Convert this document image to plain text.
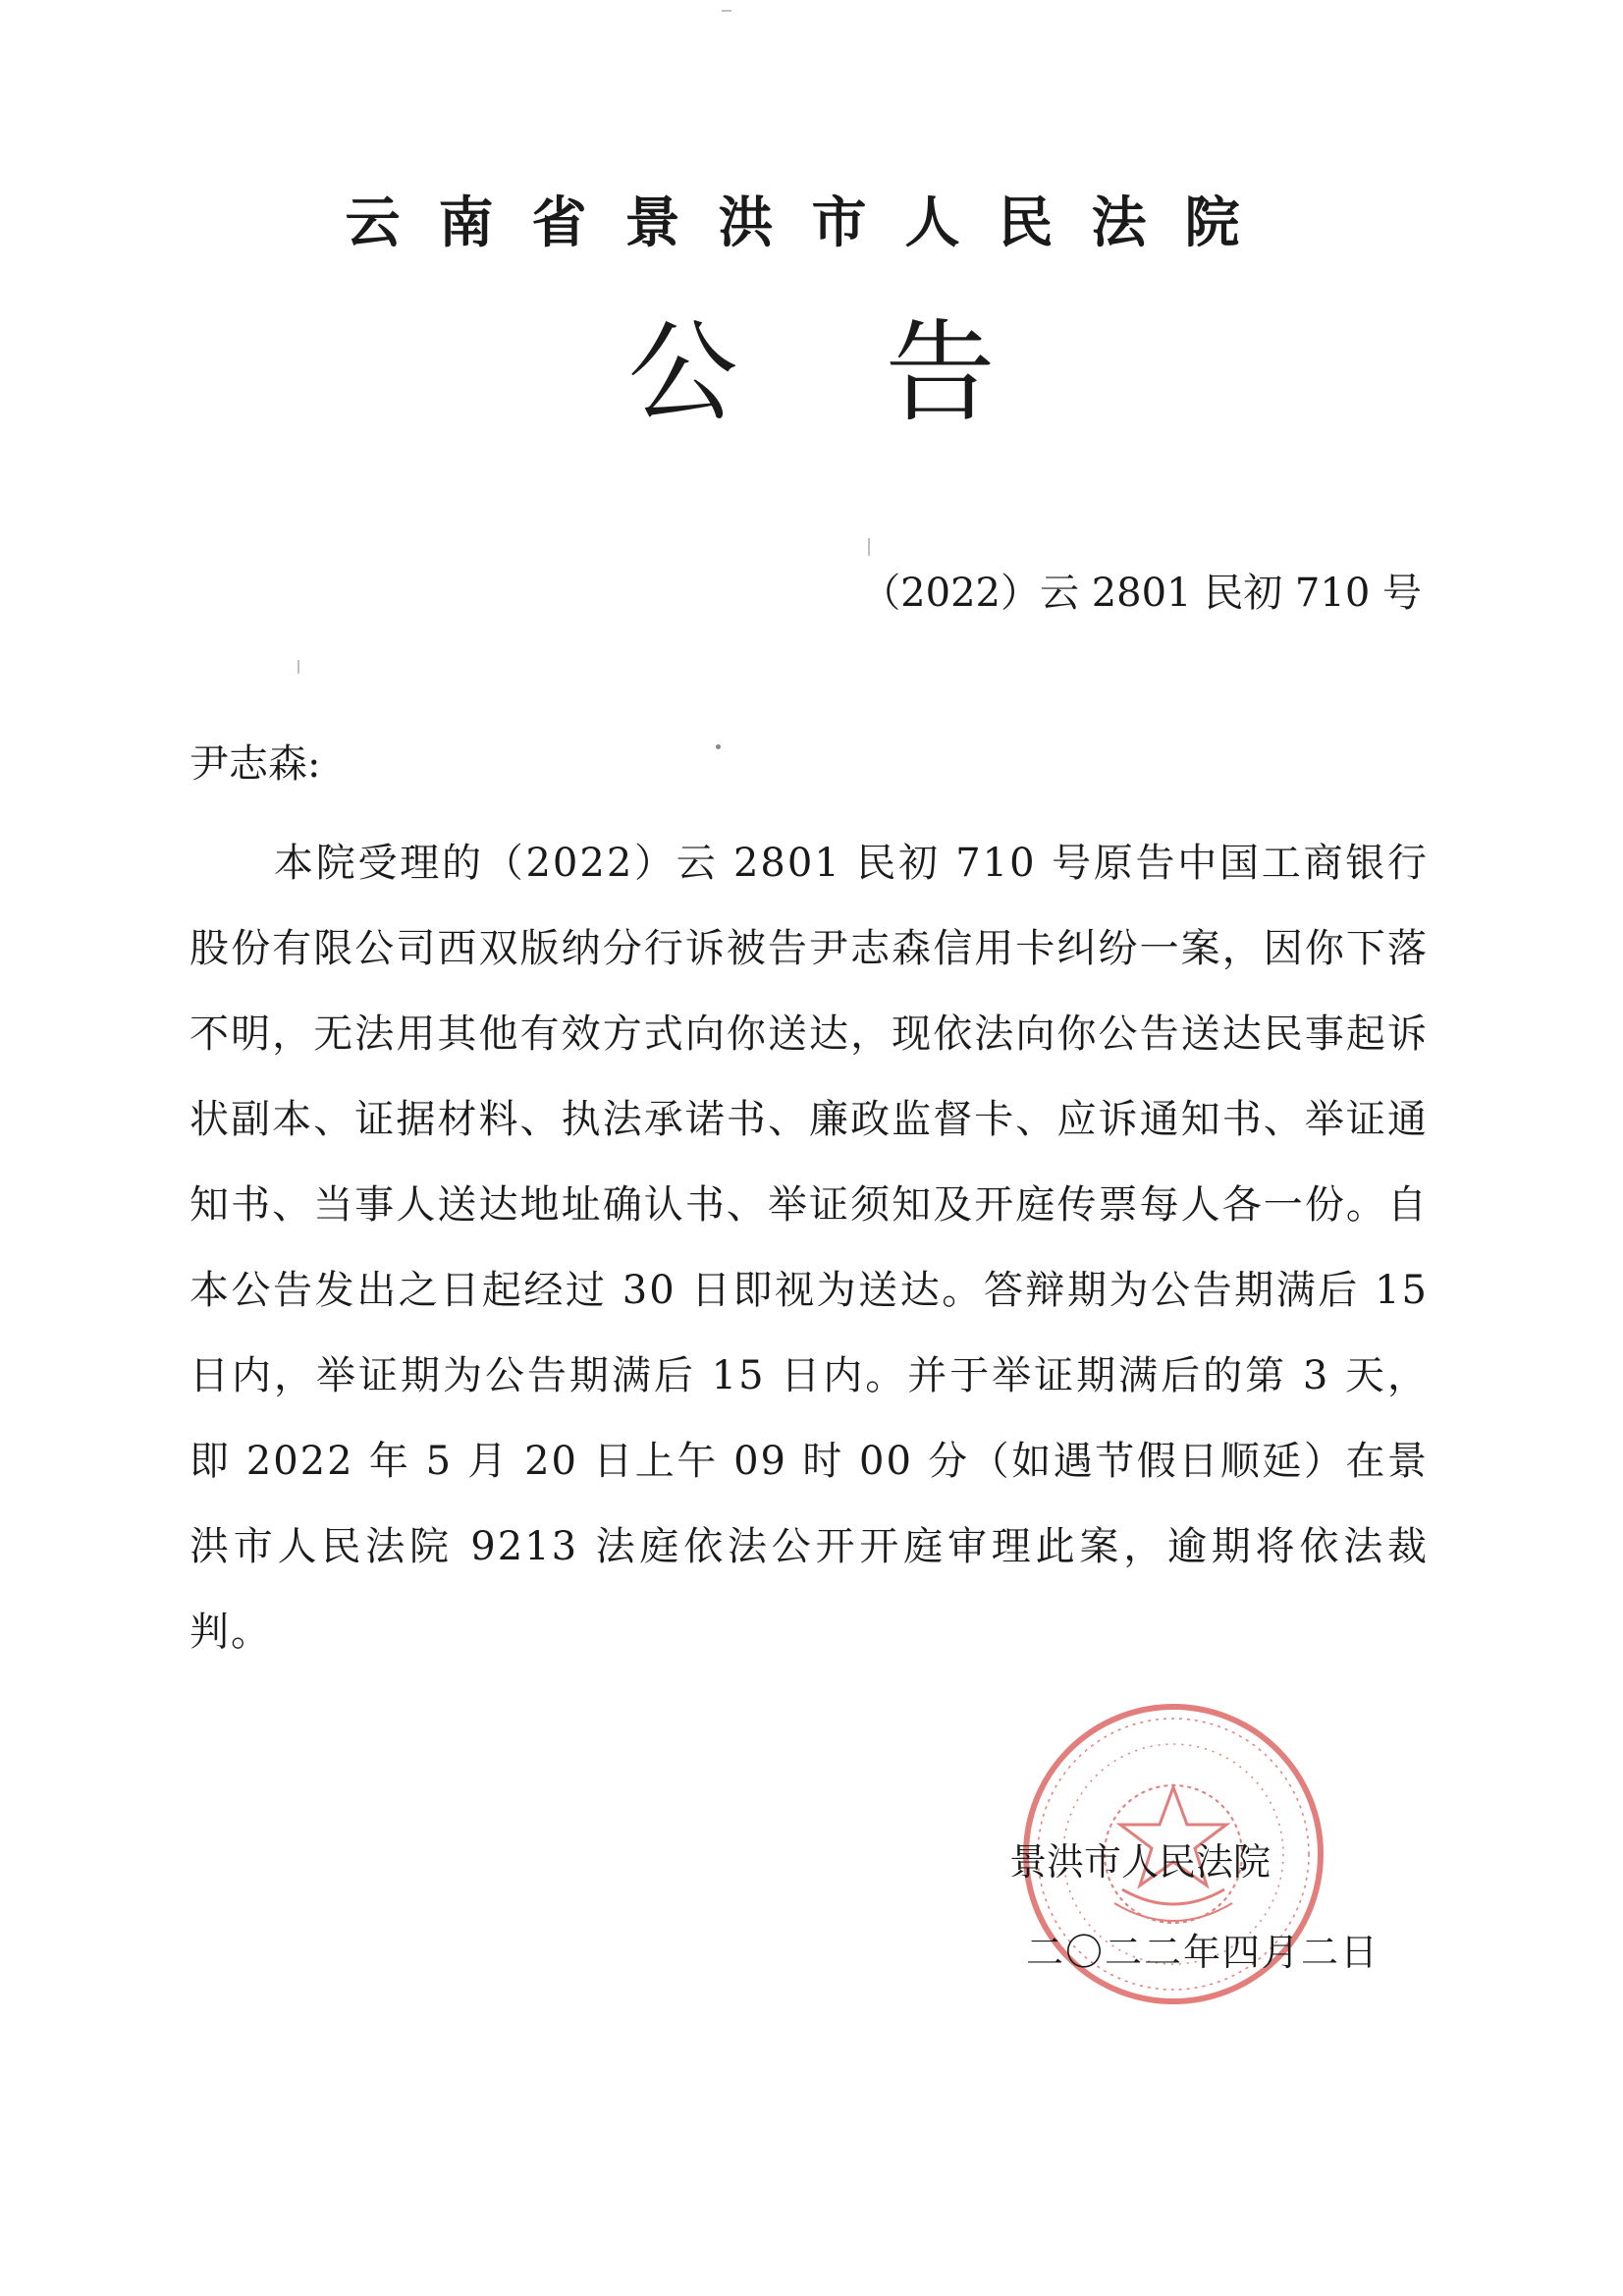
云南省景洪市人民法院
公告
（2022）云 2801 民初 710 号
尹志森:
本院受理的（2022）云 2801 民初 710 号原告中国工商银行股份有限公司西双版纳分行诉被告尹志森信用卡纠纷一案，因你下落不明，无法用其他有效方式向你送达，现依法向你公告送达民事起诉状副本、证据材料、执法承诺书、廉政监督卡、应诉通知书、举证通知书、当事人送达地址确认书、举证须知及开庭传票每人各一份。自本公告发出之日起经过 30 日即视为送达。答辩期为公告期满后 15 日内，举证期为公告期满后 15 日内。并于举证期满后的第 3 天，即 2022 年 5 月 20 日上午 09 时 00 分（如遇节假日顺延）在景洪市人民法院 9213 法庭依法公开开庭审理此案，逾期将依法裁判。
景洪市人民法院
二〇二二年四月二日
